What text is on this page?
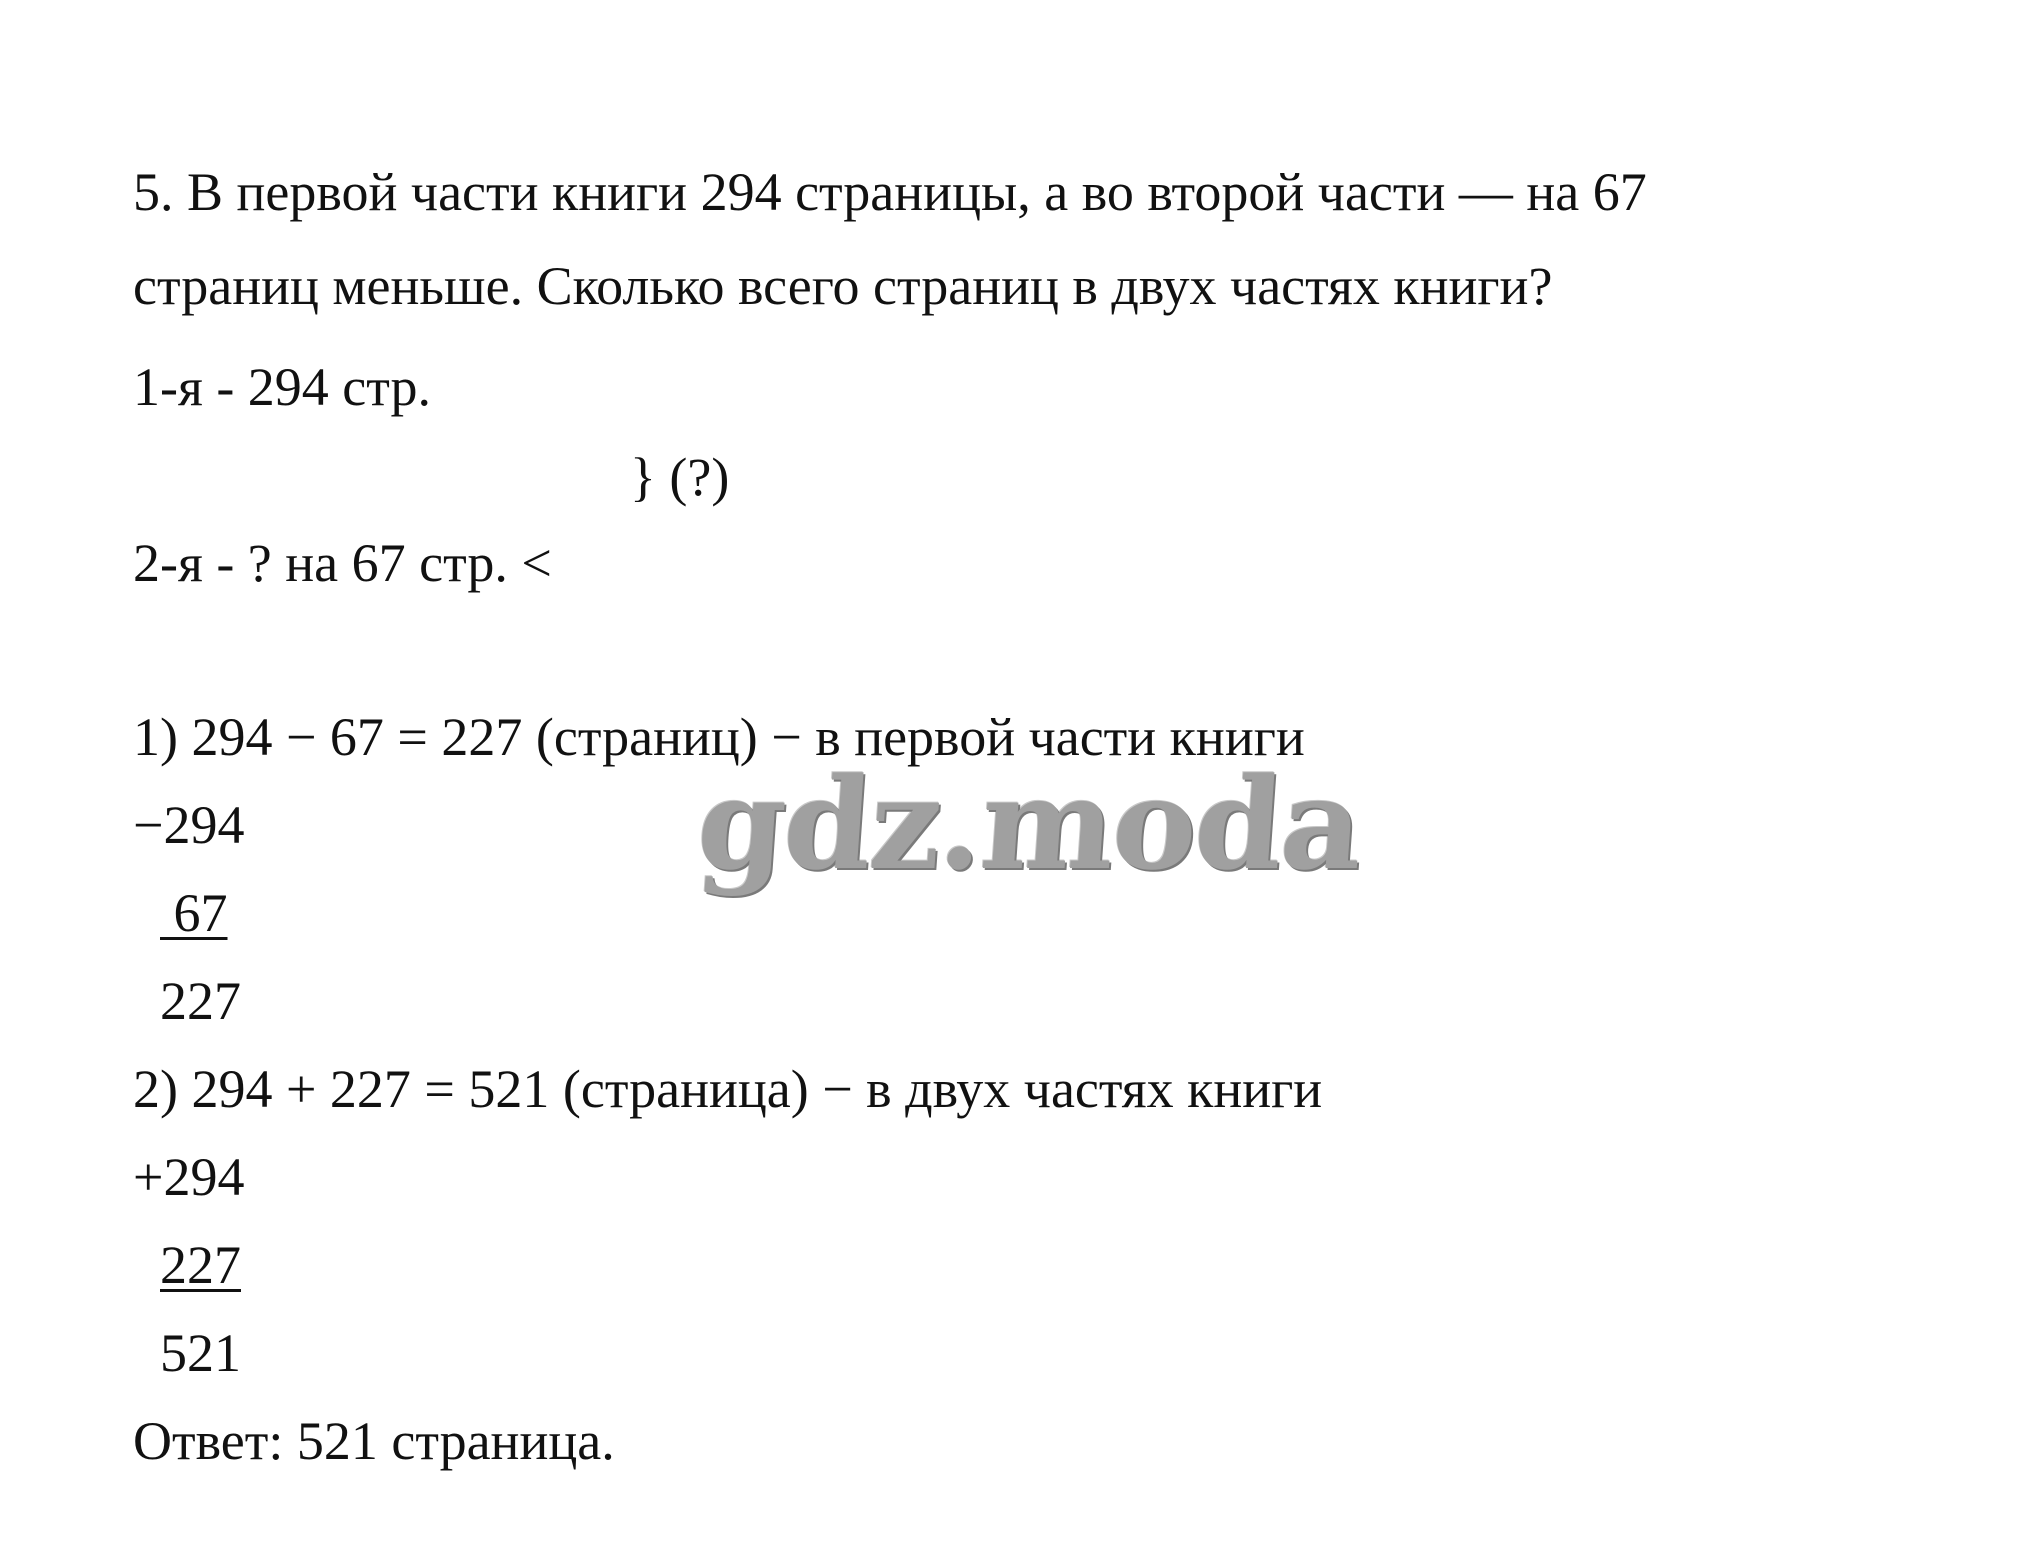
5. В первой части книги 294 страницы, а во второй части — на 67
страниц меньше. Сколько всего страниц в двух частях книги?
1-я - 294 стр.
} (?)
2-я - ? на 67 стр. <
1) 294 − 67 = 227 (страниц) − в первой части книги
−294
67
227
2) 294 + 227 = 521 (страница) − в двух частях книги
+294
227
521
Ответ: 521 страница.
gdz.moda
